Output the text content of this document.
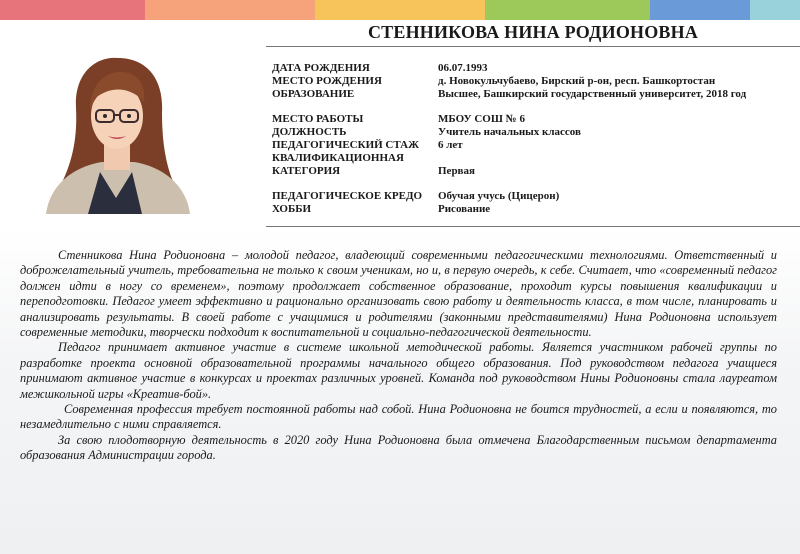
СТЕННИКОВА НИНА РОДИОНОВНА
ДАТА РОЖДЕНИЯ	06.07.1993
МЕСТО РОЖДЕНИЯ	д. Новокульчубаево, Бирский р-он, респ. Башкортостан
ОБРАЗОВАНИЕ	Высшее, Башкирский государственный университет, 2018 год
МЕСТО РАБОТЫ	МБОУ СОШ № 6
ДОЛЖНОСТЬ	Учитель начальных классов
ПЕДАГОГИЧЕСКИЙ СТАЖ	6 лет
КВАЛИФИКАЦИОННАЯ
КАТЕГОРИЯ	Первая
ПЕДАГОГИЧЕСКОЕ КРЕДО	Обучая учусь (Цицерон)
ХОББИ	Рисование

Стенникова Нина Родионовна – молодой педагог, владеющий современными педагогическими технологиями. Ответственный и доброжелательный учитель, требовательна не только к своим ученикам, но и, в первую очередь, к себе. Считает, что «современный педагог должен идти в ногу со временем», поэтому продолжает собственное образование, проходит курсы повышения квалификации и переподготовки. Педагог умеет эффективно и рационально организовать свою работу и деятельность класса, в том числе, планировать и анализировать результаты. В своей работе с учащимися и родителями (законными представителями) Нина Родионовна использует современные методики, творчески подходит к воспитательной и социально-педагогической деятельности.

Педагог принимает активное участие в системе школьной методической работы. Является участником рабочей группы по разработке проекта основной образовательной программы начального общего образования. Под руководством педагога учащиеся принимают активное участие в конкурсах и проектах различных уровней. Команда под руководством Нины Родионовны стала лауреатом межшкольной игры «Креатив-бой».

Современная профессия требует постоянной работы над собой. Нина Родионовна не боится трудностей, а если и появляются, то незамедлительно с ними справляется.

За свою плодотворную деятельность в 2020 году Нина Родионовна была отмечена Благодарственным письмом департамента образования Администрации города.
